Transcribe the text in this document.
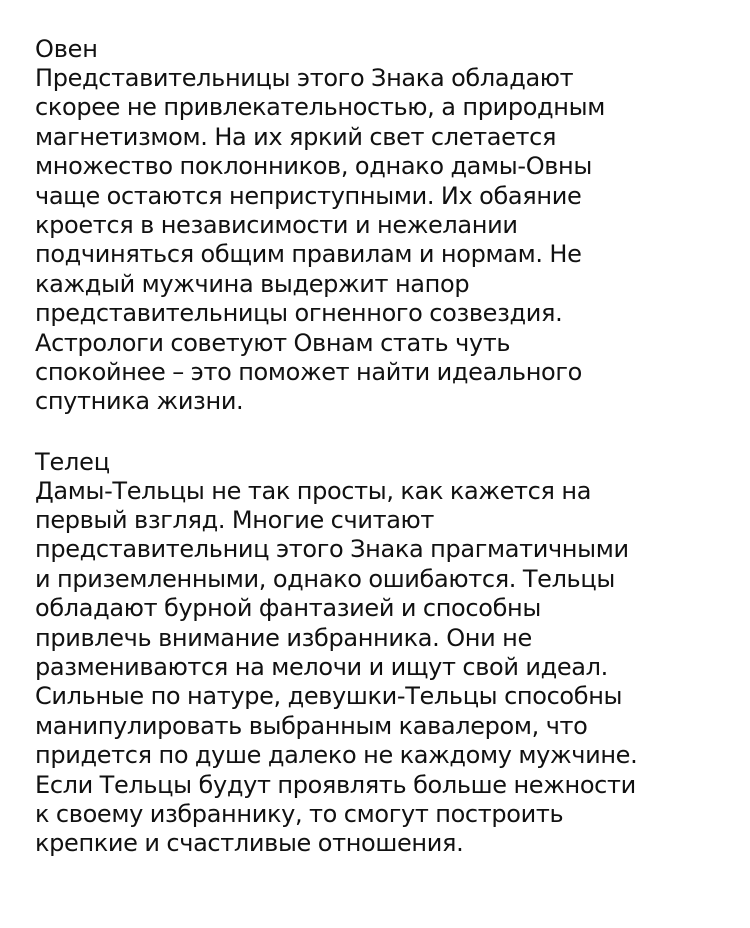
Овен

Представительницы этого Знака обладают
скорее не привлекательностью, а природным
магнетизмом. На их яркий свет слетается
множество поклонников, однако дамы-Овны
чаще остаются неприступными. Их обаяние
кроется в независимости и нежелании
подчиняться общим правилам и нормам. Не
каждый мужчина выдержит напор
представительницы огненного созвездия.
Астрологи советуют Овнам стать чуть
спокойнее – это поможет найти идеального
спутника жизни.

Телец

Дамы-Тельцы не так просты, как кажется на
первый взгляд. Многие считают
представительниц этого Знака прагматичными
и приземленными, однако ошибаются. Тельцы
обладают бурной фантазией и способны
привлечь внимание избранника. Они не
размениваются на мелочи и ищут свой идеал.
Сильные по натуре, девушки-Тельцы способны
манипулировать выбранным кавалером, что
придется по душе далеко не каждому мужчине.
Если Тельцы будут проявлять больше нежности
к своему избраннику, то смогут построить
крепкие и счастливые отношения.
